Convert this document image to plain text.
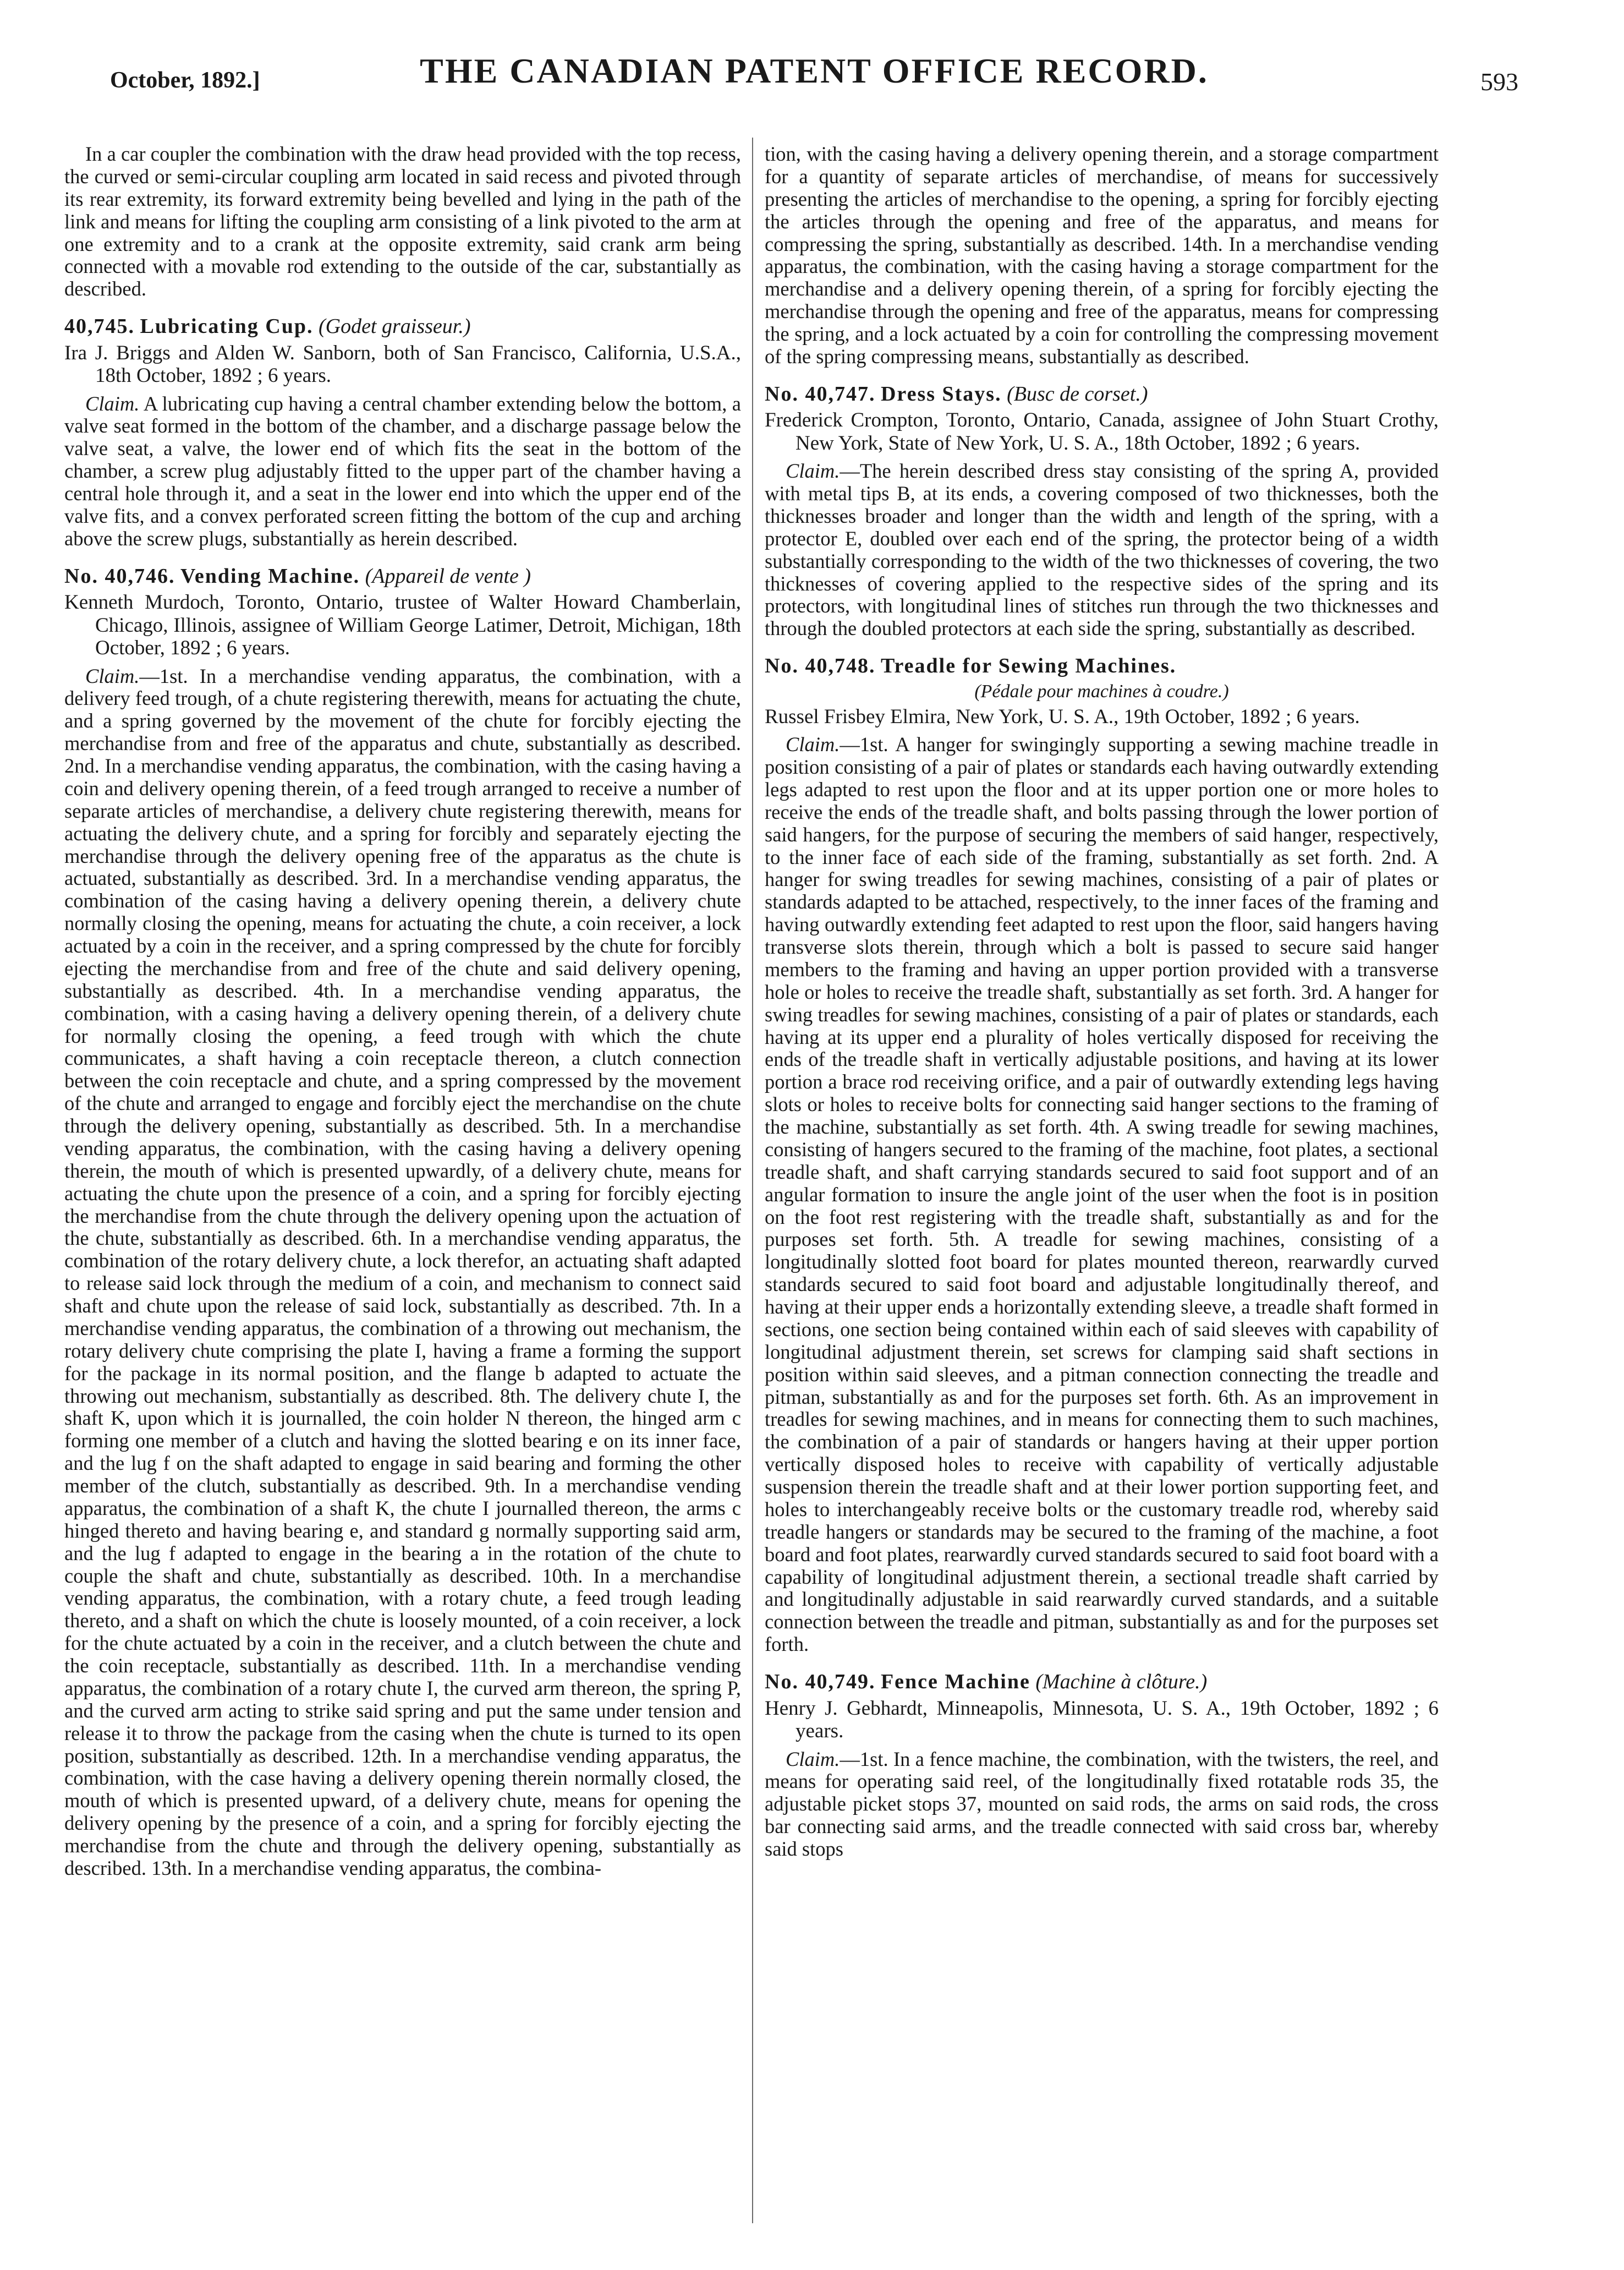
October, 1892.]	THE CANADIAN PATENT OFFICE RECORD.	593

In a car coupler the combination with the draw head provided with the top recess, the curved or semi-circular coupling arm located in said recess and pivoted through its rear extremity, its forward extremity being bevelled and lying in the path of the link and means for lifting the coupling arm consisting of a link pivoted to the arm at one extremity and to a crank at the opposite extremity, said crank arm being connected with a movable rod extending to the outside of the car, substantially as described.

40,745. Lubricating Cup. (Godet graisseur.)

Ira J. Briggs and Alden W. Sanborn, both of San Francisco, California, U.S.A., 18th October, 1892 ; 6 years.

Claim. A lubricating cup having a central chamber extending below the bottom, a valve seat formed in the bottom of the chamber, and a discharge passage below the valve seat, a valve, the lower end of which fits the seat in the bottom of the chamber, a screw plug adjustably fitted to the upper part of the chamber having a central hole through it, and a seat in the lower end into which the upper end of the valve fits, and a convex perforated screen fitting the bottom of the cup and arching above the screw plugs, substantially as herein described.

No. 40,746. Vending Machine. (Appareil de vente )

Kenneth Murdoch, Toronto, Ontario, trustee of Walter Howard Chamberlain, Chicago, Illinois, assignee of William George Latimer, Detroit, Michigan, 18th October, 1892 ; 6 years.

Claim.—1st. In a merchandise vending apparatus, the combination, with a delivery feed trough, of a chute registering therewith, means for actuating the chute, and a spring governed by the movement of the chute for forcibly ejecting the merchandise from and free of the apparatus and chute, substantially as described. 2nd. In a merchandise vending apparatus, the combination, with the casing having a coin and delivery opening therein, of a feed trough arranged to receive a number of separate articles of merchandise, a delivery chute registering therewith, means for actuating the delivery chute, and a spring for forcibly and separately ejecting the merchandise through the delivery opening free of the apparatus as the chute is actuated, substantially as described. 3rd. In a merchandise vending apparatus, the combination of the casing having a delivery opening therein, a delivery chute normally closing the opening, means for actuating the chute, a coin receiver, a lock actuated by a coin in the receiver, and a spring compressed by the chute for forcibly ejecting the merchandise from and free of the chute and said delivery opening, substantially as described. 4th. In a merchandise vending apparatus, the combination, with a casing having a delivery opening therein, of a delivery chute for normally closing the opening, a feed trough with which the chute communicates, a shaft having a coin receptacle thereon, a clutch connection between the coin receptacle and chute, and a spring compressed by the movement of the chute and arranged to engage and forcibly eject the merchandise on the chute through the delivery opening, substantially as described. 5th. In a merchandise vending apparatus, the combination, with the casing having a delivery opening therein, the mouth of which is presented upwardly, of a delivery chute, means for actuating the chute upon the presence of a coin, and a spring for forcibly ejecting the merchandise from the chute through the delivery opening upon the actuation of the chute, substantially as described. 6th. In a merchandise vending apparatus, the combination of the rotary delivery chute, a lock therefor, an actuating shaft adapted to release said lock through the medium of a coin, and mechanism to connect said shaft and chute upon the release of said lock, substantially as described. 7th. In a merchandise vending apparatus, the combination of a throwing out mechanism, the rotary delivery chute comprising the plate I, having a frame a forming the support for the package in its normal position, and the flange b adapted to actuate the throwing out mechanism, substantially as described. 8th. The delivery chute I, the shaft K, upon which it is journalled, the coin holder N thereon, the hinged arm c forming one member of a clutch and having the slotted bearing e on its inner face, and the lug f on the shaft adapted to engage in said bearing and forming the other member of the clutch, substantially as described. 9th. In a merchandise vending apparatus, the combination of a shaft K, the chute I journalled thereon, the arms c hinged thereto and having bearing e, and standard g normally supporting said arm, and the lug f adapted to engage in the bearing a in the rotation of the chute to couple the shaft and chute, substantially as described. 10th. In a merchandise vending apparatus, the combination, with a rotary chute, a feed trough leading thereto, and a shaft on which the chute is loosely mounted, of a coin receiver, a lock for the chute actuated by a coin in the receiver, and a clutch between the chute and the coin receptacle, substantially as described. 11th. In a merchandise vending apparatus, the combination of a rotary chute I, the curved arm thereon, the spring P, and the curved arm acting to strike said spring and put the same under tension and release it to throw the package from the casing when the chute is turned to its open position, substantially as described. 12th. In a merchandise vending apparatus, the combination, with the case having a delivery opening therein normally closed, the mouth of which is presented upward, of a delivery chute, means for opening the delivery opening by the presence of a coin, and a spring for forcibly ejecting the merchandise from the chute and through the delivery opening, substantially as described. 13th. In a merchandise vending apparatus, the combina-

tion, with the casing having a delivery opening therein, and a storage compartment for a quantity of separate articles of merchandise, of means for successively presenting the articles of merchandise to the opening, a spring for forcibly ejecting the articles through the opening and free of the apparatus, and means for compressing the spring, substantially as described. 14th. In a merchandise vending apparatus, the combination, with the casing having a storage compartment for the merchandise and a delivery opening therein, of a spring for forcibly ejecting the merchandise through the opening and free of the apparatus, means for compressing the spring, and a lock actuated by a coin for controlling the compressing movement of the spring compressing means, substantially as described.

No. 40,747. Dress Stays. (Busc de corset.)

Frederick Crompton, Toronto, Ontario, Canada, assignee of John Stuart Crothy, New York, State of New York, U. S. A., 18th October, 1892 ; 6 years.

Claim.—The herein described dress stay consisting of the spring A, provided with metal tips B, at its ends, a covering composed of two thicknesses, both the thicknesses broader and longer than the width and length of the spring, with a protector E, doubled over each end of the spring, the protector being of a width substantially corresponding to the width of the two thicknesses of covering, the two thicknesses of covering applied to the respective sides of the spring and its protectors, with longitudinal lines of stitches run through the two thicknesses and through the doubled protectors at each side the spring, substantially as described.

No. 40,748. Treadle for Sewing Machines.

(Pédale pour machines à coudre.)

Russel Frisbey Elmira, New York, U. S. A., 19th October, 1892 ; 6 years.

Claim.—1st. A hanger for swingingly supporting a sewing machine treadle in position consisting of a pair of plates or standards each having outwardly extending legs adapted to rest upon the floor and at its upper portion one or more holes to receive the ends of the treadle shaft, and bolts passing through the lower portion of said hangers, for the purpose of securing the members of said hanger, respectively, to the inner face of each side of the framing, substantially as set forth. 2nd. A hanger for swing treadles for sewing machines, consisting of a pair of plates or standards adapted to be attached, respectively, to the inner faces of the framing and having outwardly extending feet adapted to rest upon the floor, said hangers having transverse slots therein, through which a bolt is passed to secure said hanger members to the framing and having an upper portion provided with a transverse hole or holes to receive the treadle shaft, substantially as set forth. 3rd. A hanger for swing treadles for sewing machines, consisting of a pair of plates or standards, each having at its upper end a plurality of holes vertically disposed for receiving the ends of the treadle shaft in vertically adjustable positions, and having at its lower portion a brace rod receiving orifice, and a pair of outwardly extending legs having slots or holes to receive bolts for connecting said hanger sections to the framing of the machine, substantially as set forth. 4th. A swing treadle for sewing machines, consisting of hangers secured to the framing of the machine, foot plates, a sectional treadle shaft, and shaft carrying standards secured to said foot support and of an angular formation to insure the angle joint of the user when the foot is in position on the foot rest registering with the treadle shaft, substantially as and for the purposes set forth. 5th. A treadle for sewing machines, consisting of a longitudinally slotted foot board for plates mounted thereon, rearwardly curved standards secured to said foot board and adjustable longitudinally thereof, and having at their upper ends a horizontally extending sleeve, a treadle shaft formed in sections, one section being contained within each of said sleeves with capability of longitudinal adjustment therein, set screws for clamping said shaft sections in position within said sleeves, and a pitman connection connecting the treadle and pitman, substantially as and for the purposes set forth. 6th. As an improvement in treadles for sewing machines, and in means for connecting them to such machines, the combination of a pair of standards or hangers having at their upper portion vertically disposed holes to receive with capability of vertically adjustable suspension therein the treadle shaft and at their lower portion supporting feet, and holes to interchangeably receive bolts or the customary treadle rod, whereby said treadle hangers or standards may be secured to the framing of the machine, a foot board and foot plates, rearwardly curved standards secured to said foot board with a capability of longitudinal adjustment therein, a sectional treadle shaft carried by and longitudinally adjustable in said rearwardly curved standards, and a suitable connection between the treadle and pitman, substantially as and for the purposes set forth.

No. 40,749. Fence Machine (Machine à clôture.)

Henry J. Gebhardt, Minneapolis, Minnesota, U. S. A., 19th October, 1892 ; 6 years.

Claim.—1st. In a fence machine, the combination, with the twisters, the reel, and means for operating said reel, of the longitudinally fixed rotatable rods 35, the adjustable picket stops 37, mounted on said rods, the arms on said rods, the cross bar connecting said arms, and the treadle connected with said cross bar, whereby said stops
